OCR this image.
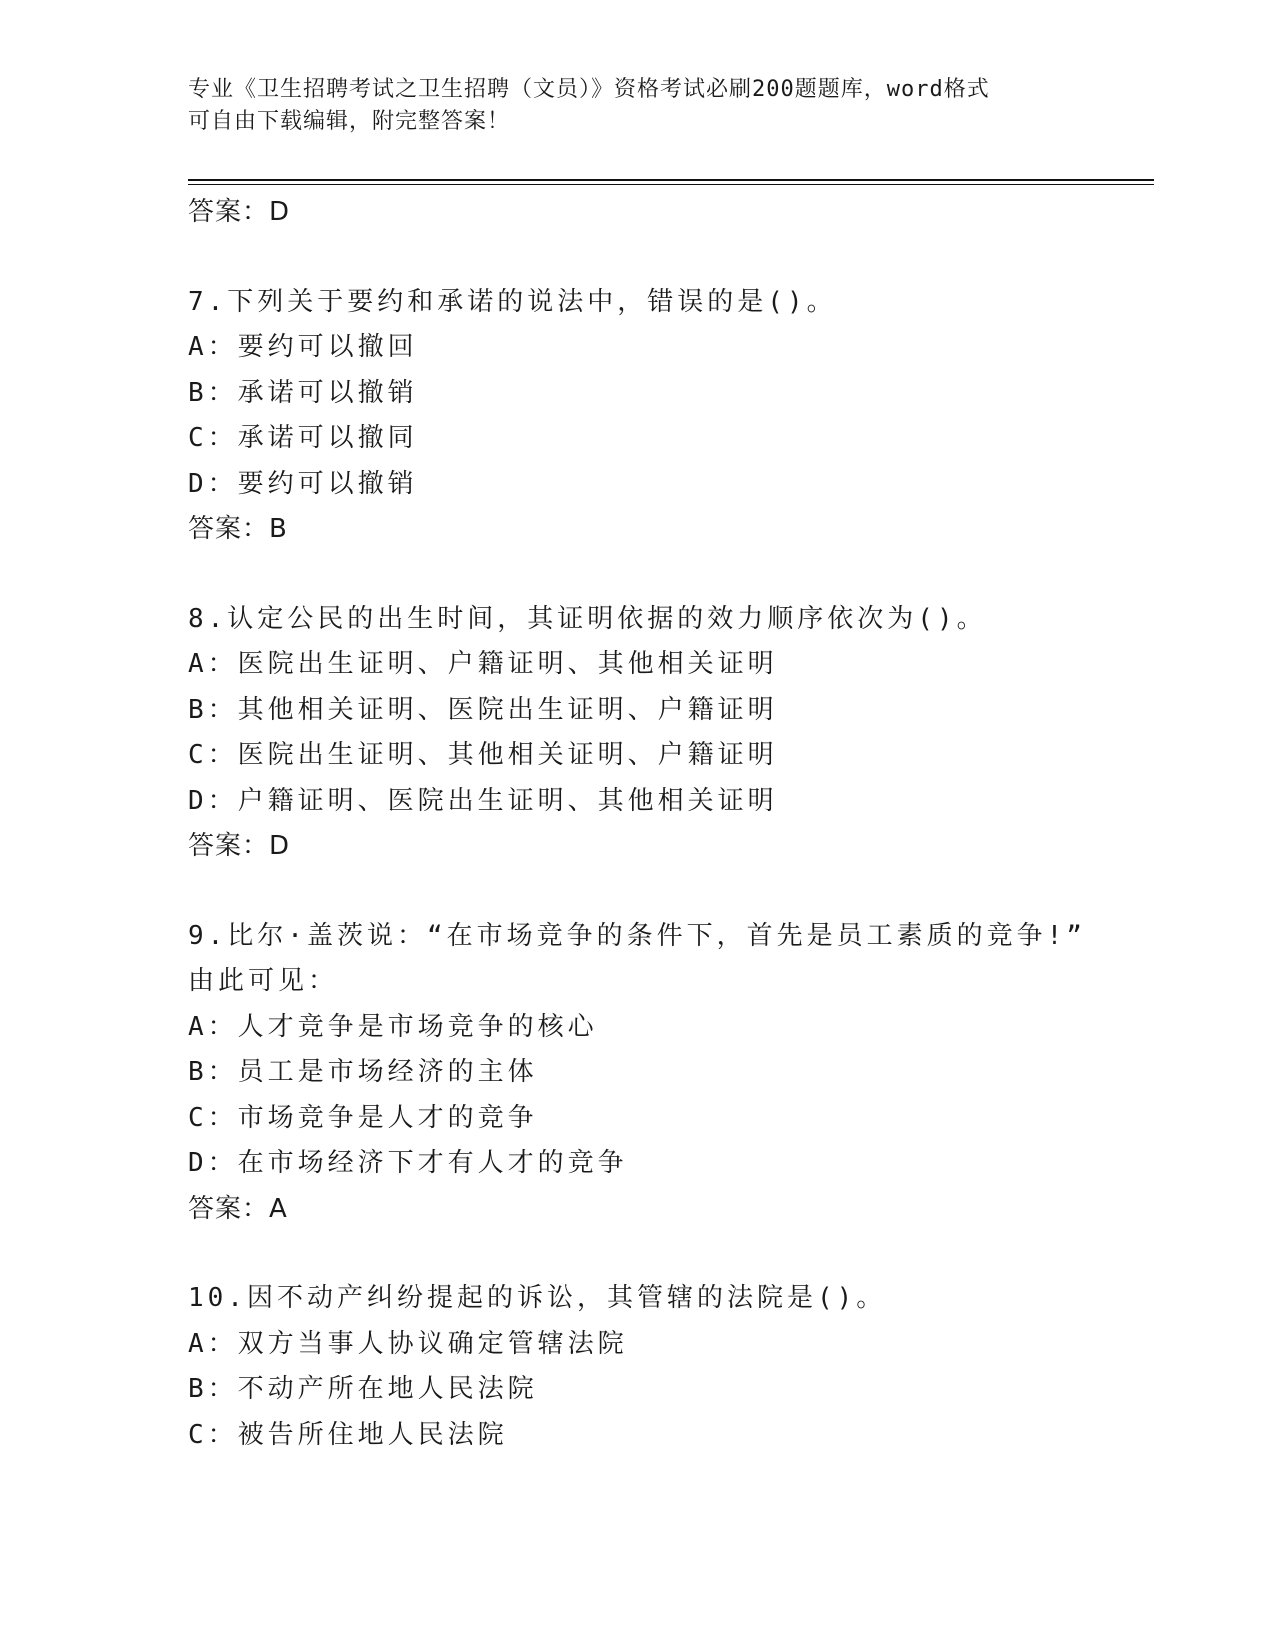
专业《卫生招聘考试之卫生招聘（文员）》资格考试必刷200题题库，word格式
可自由下载编辑，附完整答案！
答案：D
7.下列关于要约和承诺的说法中，错误的是()。
A：要约可以撤回
B：承诺可以撤销
C：承诺可以撤同
D：要约可以撤销
答案：B
8.认定公民的出生时间，其证明依据的效力顺序依次为()。
A：医院出生证明、户籍证明、其他相关证明
B：其他相关证明、医院出生证明、户籍证明
C：医院出生证明、其他相关证明、户籍证明
D：户籍证明、医院出生证明、其他相关证明
答案：D
9.比尔·盖茨说：“在市场竞争的条件下，首先是员工素质的竞争!”
由此可见：
A：人才竞争是市场竞争的核心
B：员工是市场经济的主体
C：市场竞争是人才的竞争
D：在市场经济下才有人才的竞争
答案：A
10.因不动产纠纷提起的诉讼，其管辖的法院是()。
A：双方当事人协议确定管辖法院
B：不动产所在地人民法院
C：被告所住地人民法院
